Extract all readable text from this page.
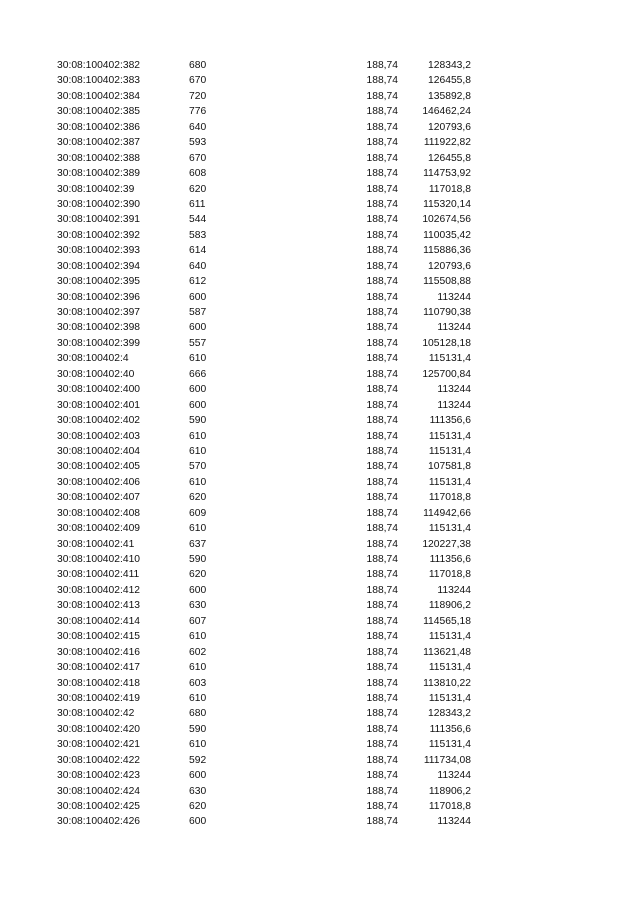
30:08:100402:382	680	188,74	128343,2
30:08:100402:383	670	188,74	126455,8
30:08:100402:384	720	188,74	135892,8
30:08:100402:385	776	188,74	146462,24
30:08:100402:386	640	188,74	120793,6
30:08:100402:387	593	188,74	111922,82
30:08:100402:388	670	188,74	126455,8
30:08:100402:389	608	188,74	114753,92
30:08:100402:39	620	188,74	117018,8
30:08:100402:390	611	188,74	115320,14
30:08:100402:391	544	188,74	102674,56
30:08:100402:392	583	188,74	110035,42
30:08:100402:393	614	188,74	115886,36
30:08:100402:394	640	188,74	120793,6
30:08:100402:395	612	188,74	115508,88
30:08:100402:396	600	188,74	113244
30:08:100402:397	587	188,74	110790,38
30:08:100402:398	600	188,74	113244
30:08:100402:399	557	188,74	105128,18
30:08:100402:4	610	188,74	115131,4
30:08:100402:40	666	188,74	125700,84
30:08:100402:400	600	188,74	113244
30:08:100402:401	600	188,74	113244
30:08:100402:402	590	188,74	111356,6
30:08:100402:403	610	188,74	115131,4
30:08:100402:404	610	188,74	115131,4
30:08:100402:405	570	188,74	107581,8
30:08:100402:406	610	188,74	115131,4
30:08:100402:407	620	188,74	117018,8
30:08:100402:408	609	188,74	114942,66
30:08:100402:409	610	188,74	115131,4
30:08:100402:41	637	188,74	120227,38
30:08:100402:410	590	188,74	111356,6
30:08:100402:411	620	188,74	117018,8
30:08:100402:412	600	188,74	113244
30:08:100402:413	630	188,74	118906,2
30:08:100402:414	607	188,74	114565,18
30:08:100402:415	610	188,74	115131,4
30:08:100402:416	602	188,74	113621,48
30:08:100402:417	610	188,74	115131,4
30:08:100402:418	603	188,74	113810,22
30:08:100402:419	610	188,74	115131,4
30:08:100402:42	680	188,74	128343,2
30:08:100402:420	590	188,74	111356,6
30:08:100402:421	610	188,74	115131,4
30:08:100402:422	592	188,74	111734,08
30:08:100402:423	600	188,74	113244
30:08:100402:424	630	188,74	118906,2
30:08:100402:425	620	188,74	117018,8
30:08:100402:426	600	188,74	113244
